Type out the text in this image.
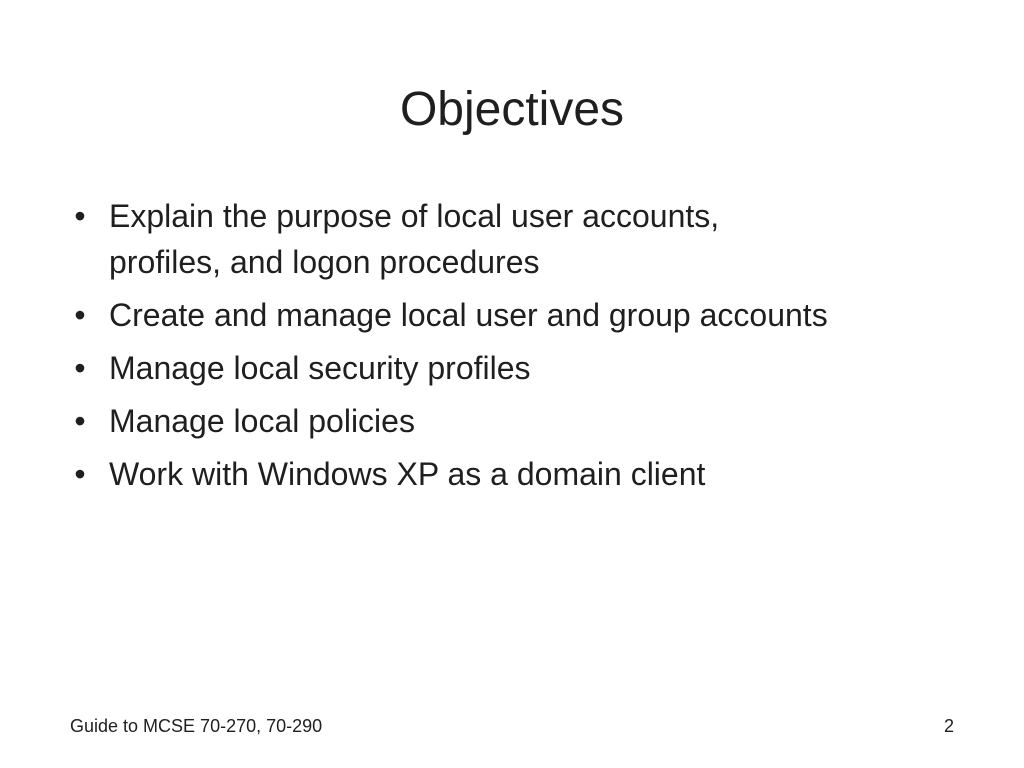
Objectives
• Explain the purpose of local user accounts,
profiles, and logon procedures
• Create and manage local user and group accounts
• Manage local security profiles
• Manage local policies
• Work with Windows XP as a domain client
Guide to MCSE 70-270, 70-290	2
